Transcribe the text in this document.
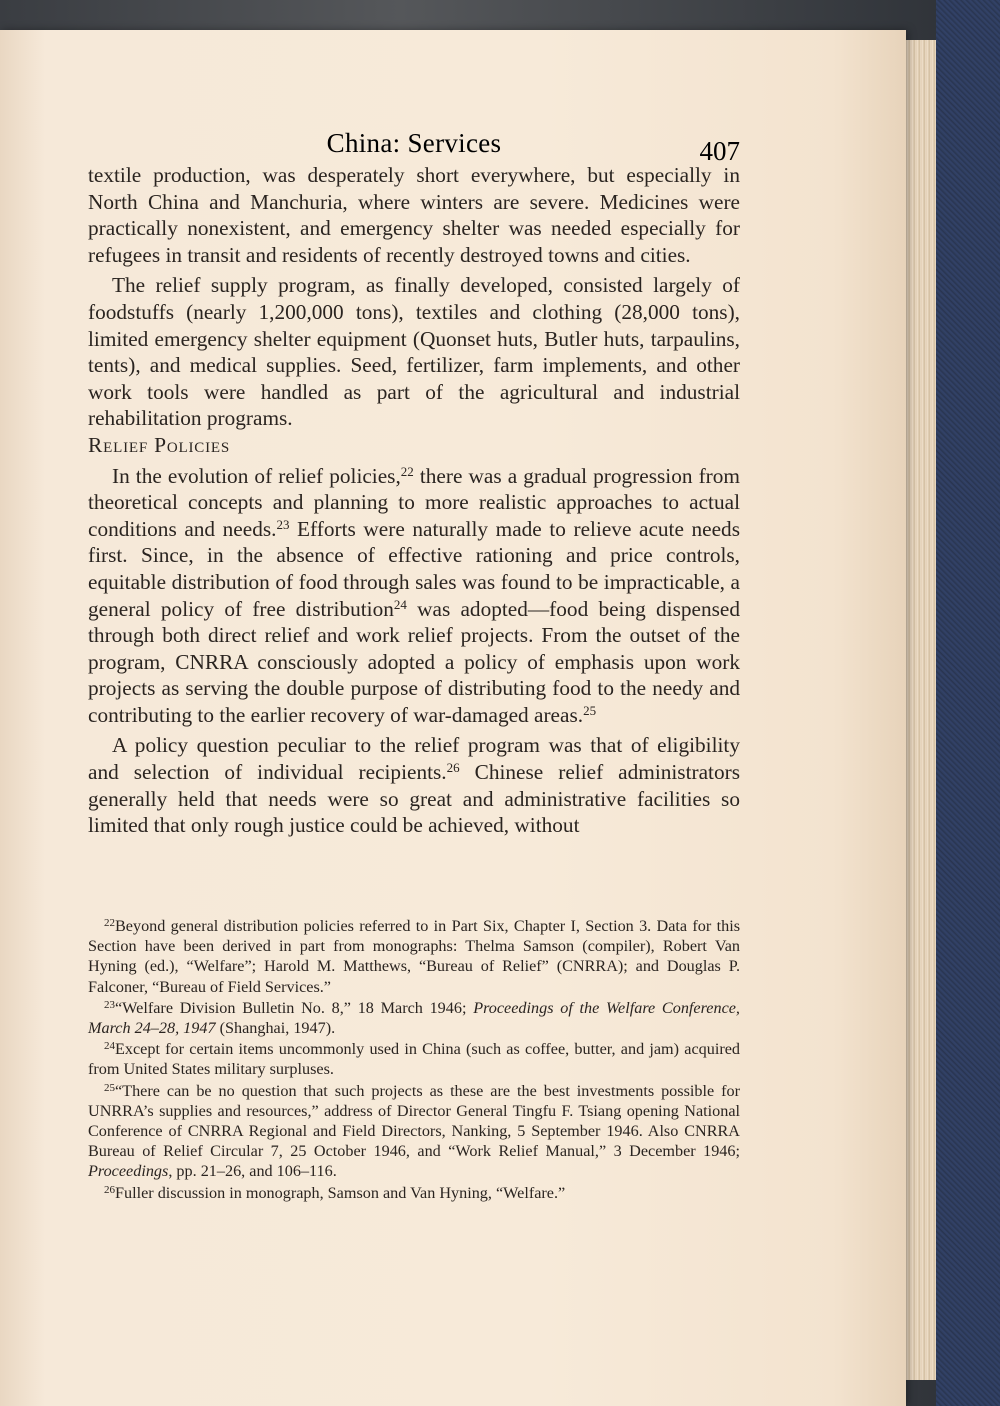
China: Services	407

textile production, was desperately short everywhere, but especially in North China and Manchuria, where winters are severe. Medicines were practically nonexistent, and emergency shelter was needed especially for refugees in transit and residents of recently destroyed towns and cities.

The relief supply program, as finally developed, consisted largely of foodstuffs (nearly 1,200,000 tons), textiles and clothing (28,000 tons), limited emergency shelter equipment (Quonset huts, Butler huts, tarpaulins, tents), and medical supplies. Seed, fertilizer, farm implements, and other work tools were handled as part of the agricultural and industrial rehabilitation programs.

Relief Policies

In the evolution of relief policies,$^{22}$ there was a gradual progression from theoretical concepts and planning to more realistic approaches to actual conditions and needs.$^{23}$ Efforts were naturally made to relieve acute needs first. Since, in the absence of effective rationing and price controls, equitable distribution of food through sales was found to be impracticable, a general policy of free distribution$^{24}$ was adopted—food being dispensed through both direct relief and work relief projects. From the outset of the program, CNRRA consciously adopted a policy of emphasis upon work projects as serving the double purpose of distributing food to the needy and contributing to the earlier recovery of war-damaged areas.$^{25}$

A policy question peculiar to the relief program was that of eligibility and selection of individual recipients.$^{26}$ Chinese relief administrators generally held that needs were so great and administrative facilities so limited that only rough justice could be achieved, without

$^{22}$Beyond general distribution policies referred to in Part Six, Chapter I, Section 3. Data for this Section have been derived in part from monographs: Thelma Samson (compiler), Robert Van Hyning (ed.), “Welfare”; Harold M. Matthews, “Bureau of Relief” (CNRRA); and Douglas P. Falconer, “Bureau of Field Services.”

$^{23}$“Welfare Division Bulletin No. 8,” 18 March 1946; Proceedings of the Welfare Conference, March 24–28, 1947 (Shanghai, 1947).

$^{24}$Except for certain items uncommonly used in China (such as coffee, butter, and jam) acquired from United States military surpluses.

$^{25}$“There can be no question that such projects as these are the best investments possible for UNRRA’s supplies and resources,” address of Director General Tingfu F. Tsiang opening National Conference of CNRRA Regional and Field Directors, Nanking, 5 September 1946. Also CNRRA Bureau of Relief Circular 7, 25 October 1946, and “Work Relief Manual,” 3 December 1946; Proceedings, pp. 21–26, and 106–116.

$^{26}$Fuller discussion in monograph, Samson and Van Hyning, “Welfare.”
